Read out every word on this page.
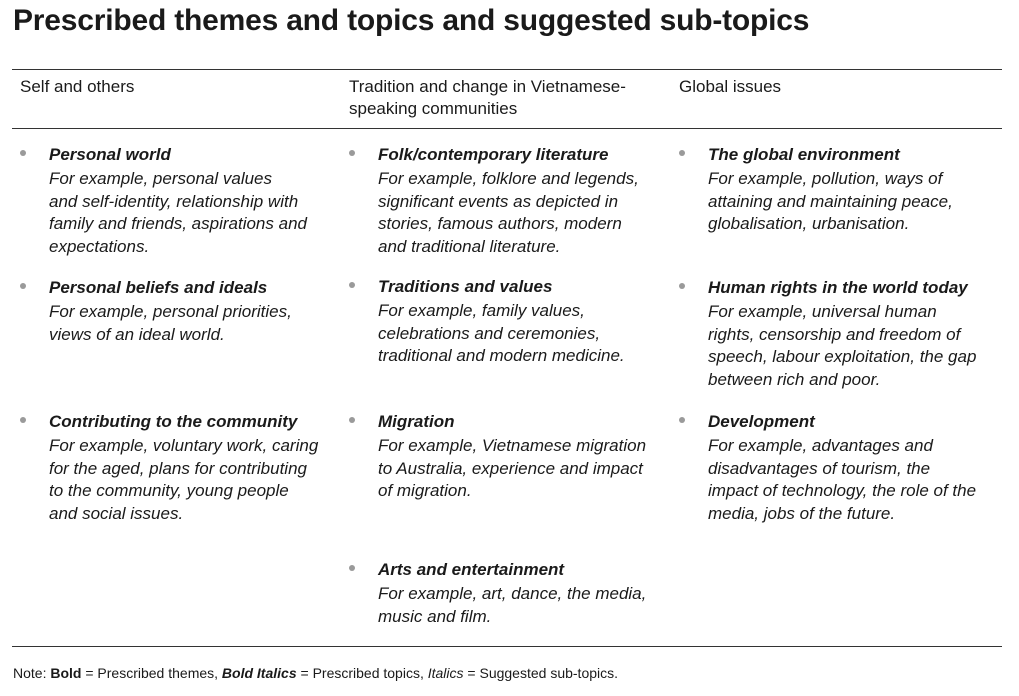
Prescribed themes and topics and suggested sub-topics
Self and others	Tradition and change in Vietnamese-
speaking communities
Global issues
Personal world
For example, personal values
and self-identity, relationship with
family and friends, aspirations and
expectations.
Personal beliefs and ideals
For example, personal priorities,
views of an ideal world.
Contributing to the community
For example, voluntary work, caring
for the aged, plans for contributing
to the community, young people
and social issues.
Folk/contemporary literature
For example, folklore and legends,
significant events as depicted in
stories, famous authors, modern
and traditional literature.
Traditions and values
For example, family values,
celebrations and ceremonies,
traditional and modern medicine.
Migration
For example, Vietnamese migration
to Australia, experience and impact
of migration.
Arts and entertainment
For example, art, dance, the media,
music and film.
The global environment
For example, pollution, ways of
attaining and maintaining peace,
globalisation, urbanisation.
Human rights in the world today
For example, universal human
rights, censorship and freedom of
speech, labour exploitation, the gap
between rich and poor.
Development
For example, advantages and
disadvantages of tourism, the
impact of technology, the role of the
media, jobs of the future.
Note: Bold = Prescribed themes, Bold Italics = Prescribed topics, Italics = Suggested sub-topics.
